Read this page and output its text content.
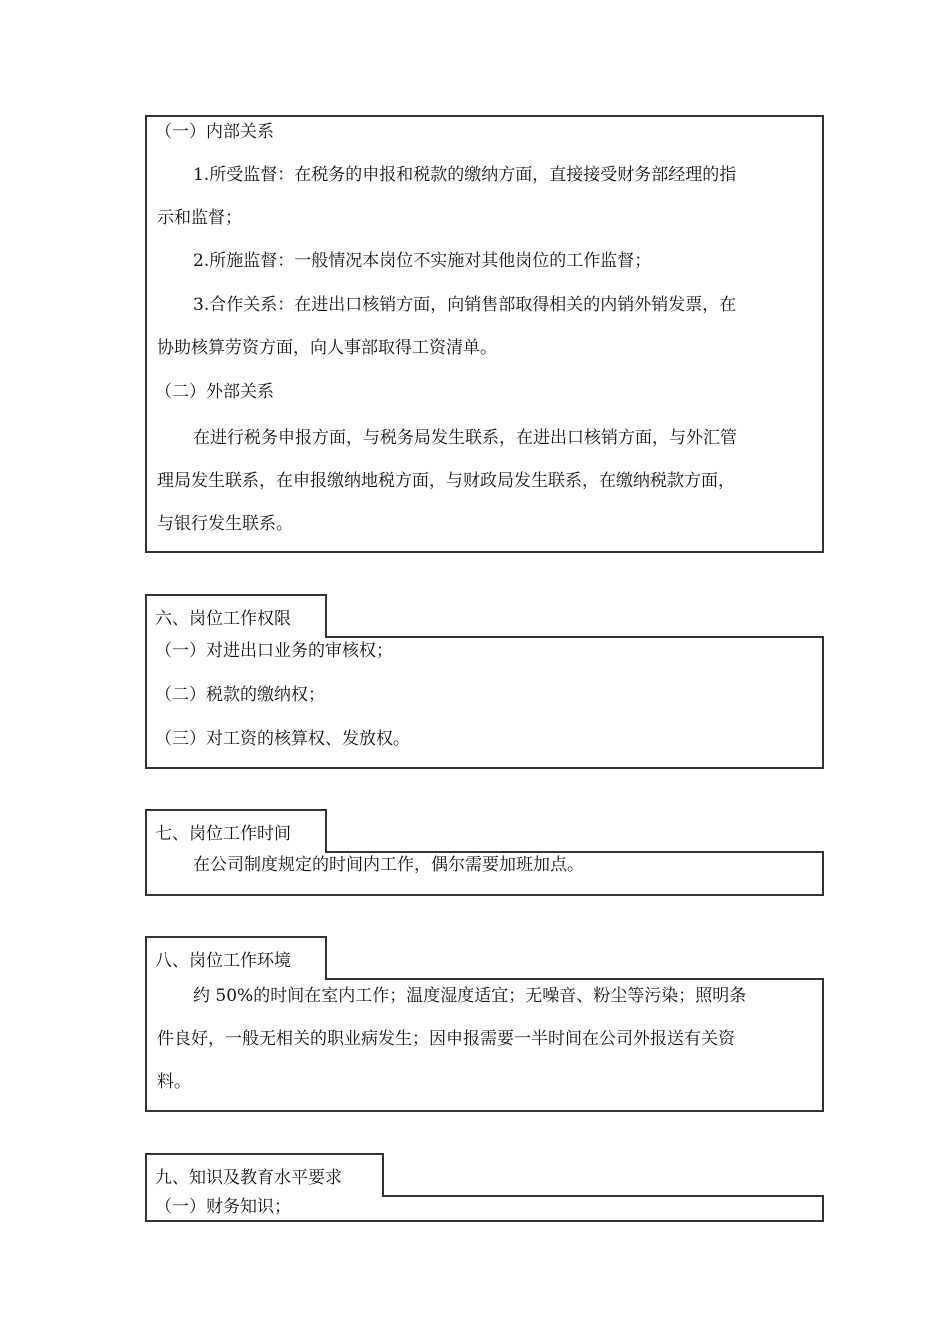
（一）内部关系
1.所受监督：在税务的申报和税款的缴纳方面，直接接受财务部经理的指
示和监督；
2.所施监督：一般情况本岗位不实施对其他岗位的工作监督；
3.合作关系：在进出口核销方面，向销售部取得相关的内销外销发票，在
协助核算劳资方面，向人事部取得工资清单。
（二）外部关系
在进行税务申报方面，与税务局发生联系，在进出口核销方面，与外汇管
理局发生联系，在申报缴纳地税方面，与财政局发生联系，在缴纳税款方面，
与银行发生联系。
六、岗位工作权限
（一）对进出口业务的审核权；
（二）税款的缴纳权；
（三）对工资的核算权、发放权。
七、岗位工作时间
在公司制度规定的时间内工作，偶尔需要加班加点。
八、岗位工作环境
约 50%的时间在室内工作；温度湿度适宜；无噪音、粉尘等污染；照明条
件良好，一般无相关的职业病发生；因申报需要一半时间在公司外报送有关资
料。
九、知识及教育水平要求
（一）财务知识；
